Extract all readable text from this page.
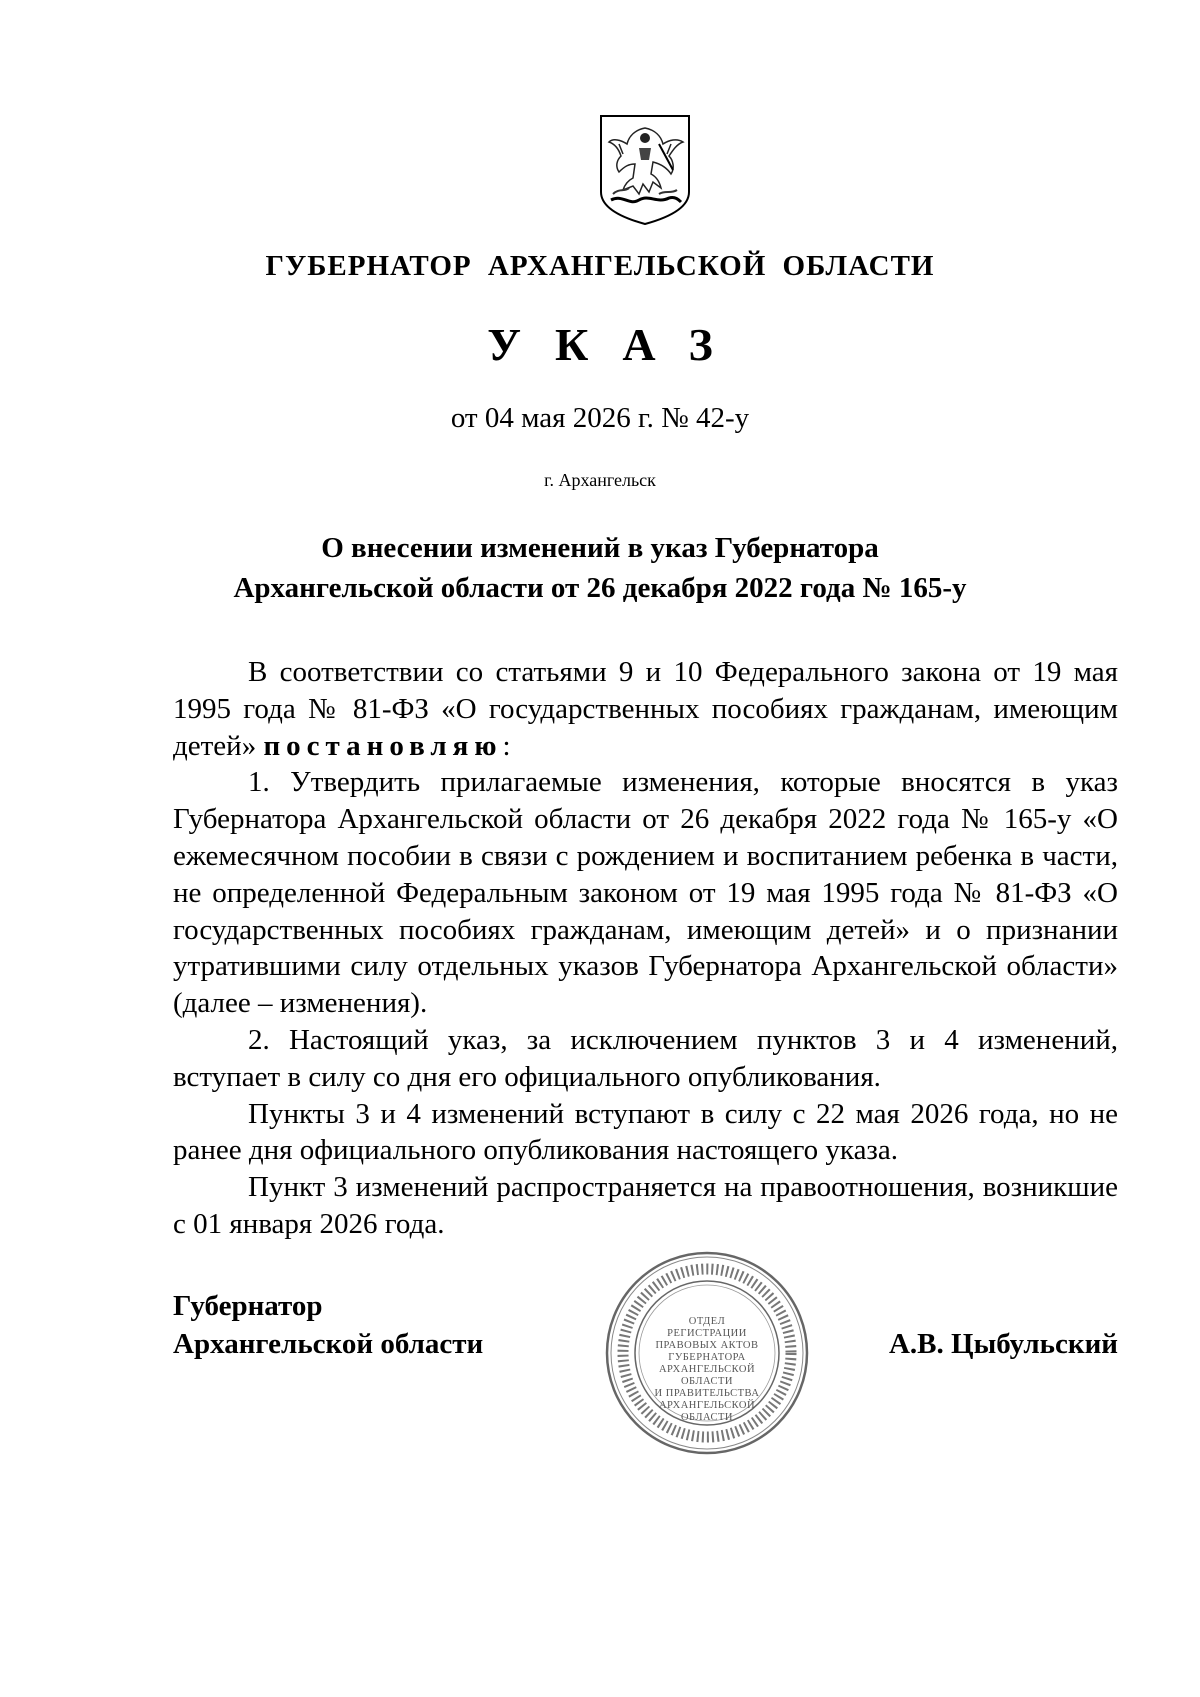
ГУБЕРНАТОР АРХАНГЕЛЬСКОЙ ОБЛАСТИ
УКАЗ
от 04 мая 2026 г. № 42-у
г. Архангельск
О внесении изменений в указ Губернатора
Архангельской области от 26 декабря 2022 года № 165-у

В соответствии со статьями 9 и 10 Федерального закона от 19 мая 1995 года № 81-ФЗ «О государственных пособиях гражданам, имеющим детей» постановляю:

1. Утвердить прилагаемые изменения, которые вносятся в указ Губернатора Архангельской области от 26 декабря 2022 года № 165-у «О ежемесячном пособии в связи с рождением и воспитанием ребенка в части, не определенной Федеральным законом от 19 мая 1995 года № 81-ФЗ «О государственных пособиях гражданам, имеющим детей» и о признании утратившими силу отдельных указов Губернатора Архангельской области» (далее – изменения).

2. Настоящий указ, за исключением пунктов 3 и 4 изменений, вступает в силу со дня его официального опубликования.

Пункты 3 и 4 изменений вступают в силу с 22 мая 2026 года, но не ранее дня официального опубликования настоящего указа.

Пункт 3 изменений распространяется на правоотношения, возникшие с 01 января 2026 года.

Губернатор
Архангельской области
ОТДЕЛ
РЕГИСТРАЦИИ
ПРАВОВЫХ АКТОВ
ГУБЕРНАТОРА
АРХАНГЕЛЬСКОЙ
ОБЛАСТИ
И ПРАВИТЕЛЬСТВА
АРХАНГЕЛЬСКОЙ
ОБЛАСТИ
А.В. Цыбульский
